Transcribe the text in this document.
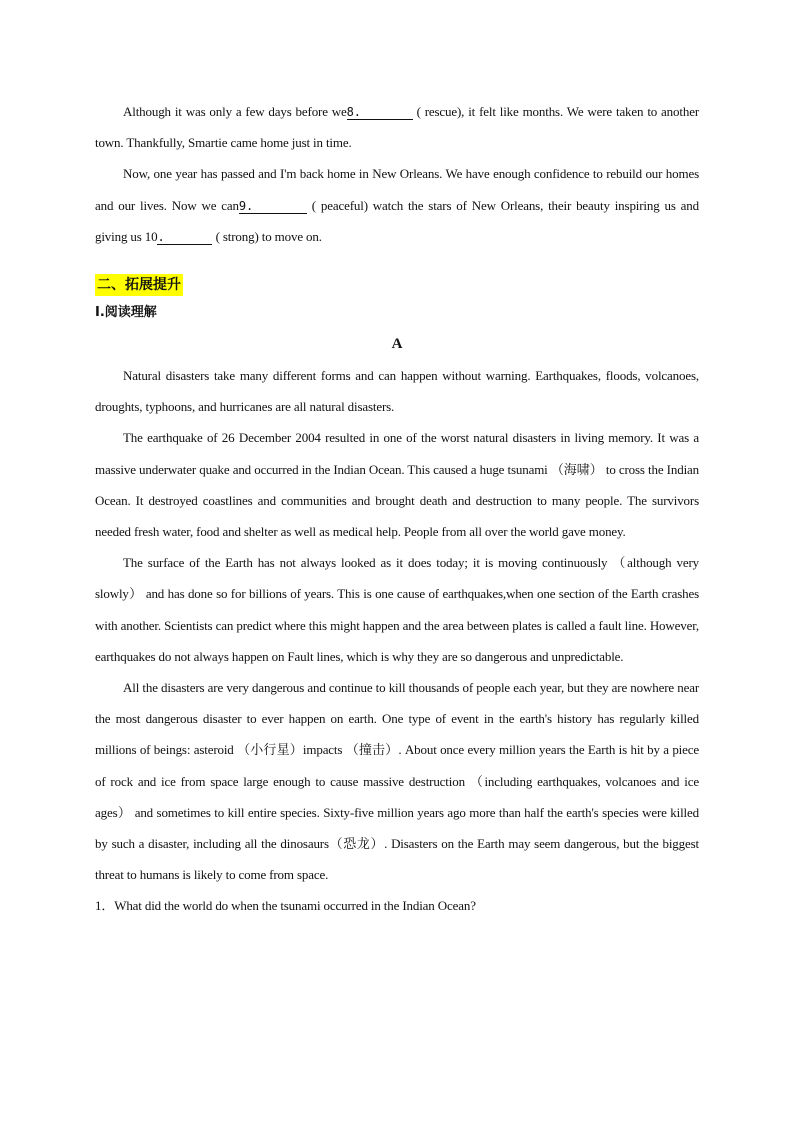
Although it was only a few days before we8.	( rescue), it felt like months. We were taken to another town. Thankfully, Smartie came home just in time.

Now, one year has passed and I'm back home in New Orleans. We have enough confidence to rebuild our homes and our lives. Now we can9.	( peaceful) watch the stars of New Orleans, their beauty inspiring us and giving us 10.	( strong) to move on.

二、拓展提升
I.阅读理解
A

Natural disasters take many different forms and can happen without warning. Earthquakes, floods, volcanoes, droughts, typhoons, and hurricanes are all natural disasters.

The earthquake of 26 December 2004 resulted in one of the worst natural disasters in living memory. It was a massive underwater quake and occurred in the Indian Ocean. This caused a huge tsunami （海啸） to cross the Indian Ocean. It destroyed coastlines and communities and brought death and destruction to many people. The survivors needed fresh water, food and shelter as well as medical help. People from all over the world gave money.

The surface of the Earth has not always looked as it does today; it is moving continuously （although very slowly） and has done so for billions of years. This is one cause of earthquakes,when one section of the Earth crashes with another. Scientists can predict where this might happen and the area between plates is called a fault line. However, earthquakes do not always happen on Fault lines, which is why they are so dangerous and unpredictable.

All the disasters are very dangerous and continue to kill thousands of people each year, but they are nowhere near the most dangerous disaster to ever happen on earth. One type of event in the earth's history has regularly killed millions of beings: asteroid （小行星）impacts （撞击）. About once every million years the Earth is hit by a piece of rock and ice from space large enough to cause massive destruction （including earthquakes, volcanoes and ice ages） and sometimes to kill entire species. Sixty-five million years ago more than half the earth's species were killed by such a disaster, including all the dinosaurs（恐龙）. Disasters on the Earth may seem dangerous, but the biggest threat to humans is likely to come from space.

1．What did the world do when the tsunami occurred in the Indian Ocean?
